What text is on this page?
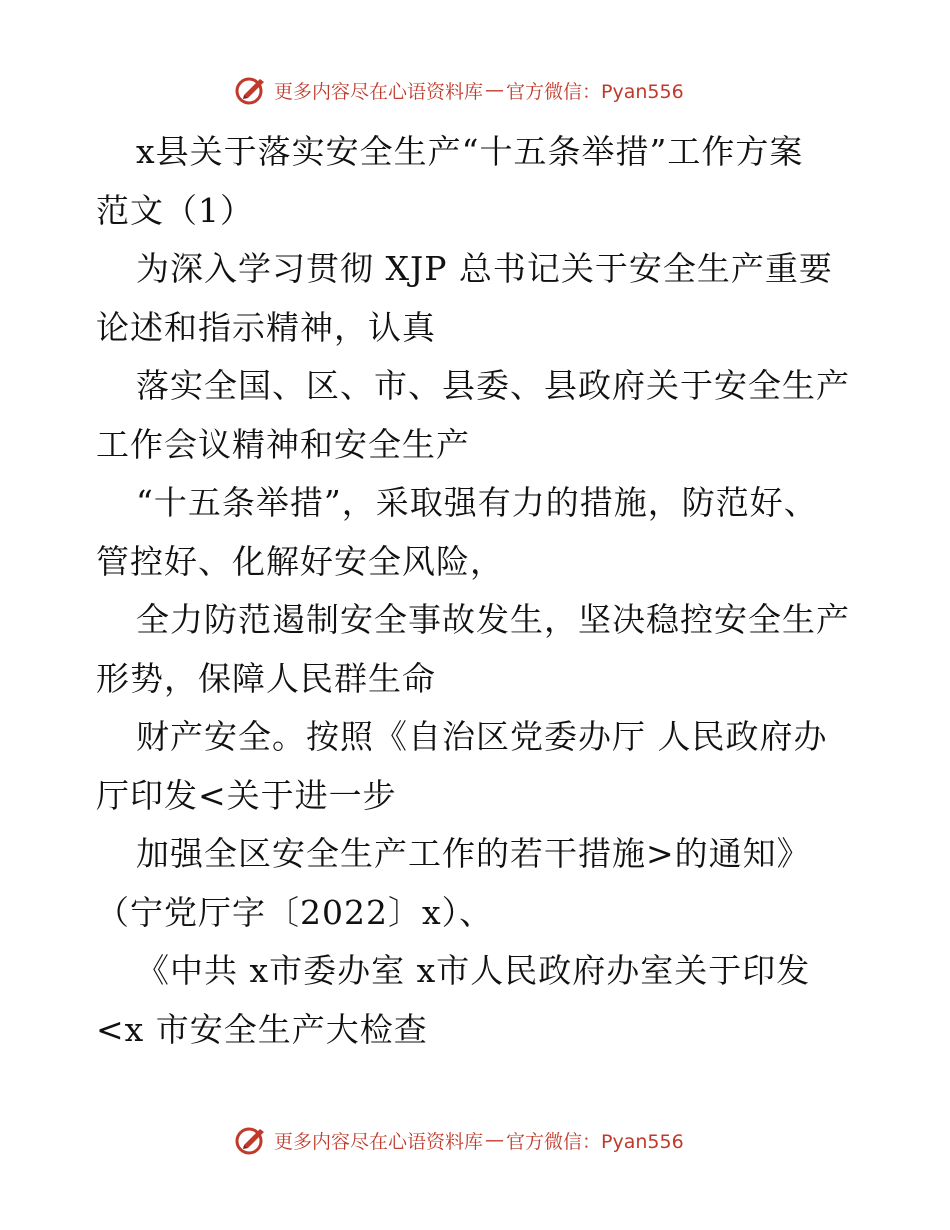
更多内容尽在心语资料库 — 官方微信：Pyan556
x县关于落实安全生产“十五条举措”工作方案
范文（1）
为深入学习贯彻 XJP 总书记关于安全生产重要
论述和指示精神，认真
落实全国、区、市、县委、县政府关于安全生产
工作会议精神和安全生产
“十五条举措”，采取强有力的措施，防范好、
管控好、化解好安全风险，
全力防范遏制安全事故发生，坚决稳控安全生产
形势，保障人民群生命
财产安全。按照《自治区党委办厅 人民政府办
厅印发<关于进一步
加强全区安全生产工作的若干措施>的通知》
（宁党厅字〔2022〕x）、
《中共 x市委办室 x市人民政府办室关于印发
<x 市安全生产大检查
更多内容尽在心语资料库 — 官方微信：Pyan556
